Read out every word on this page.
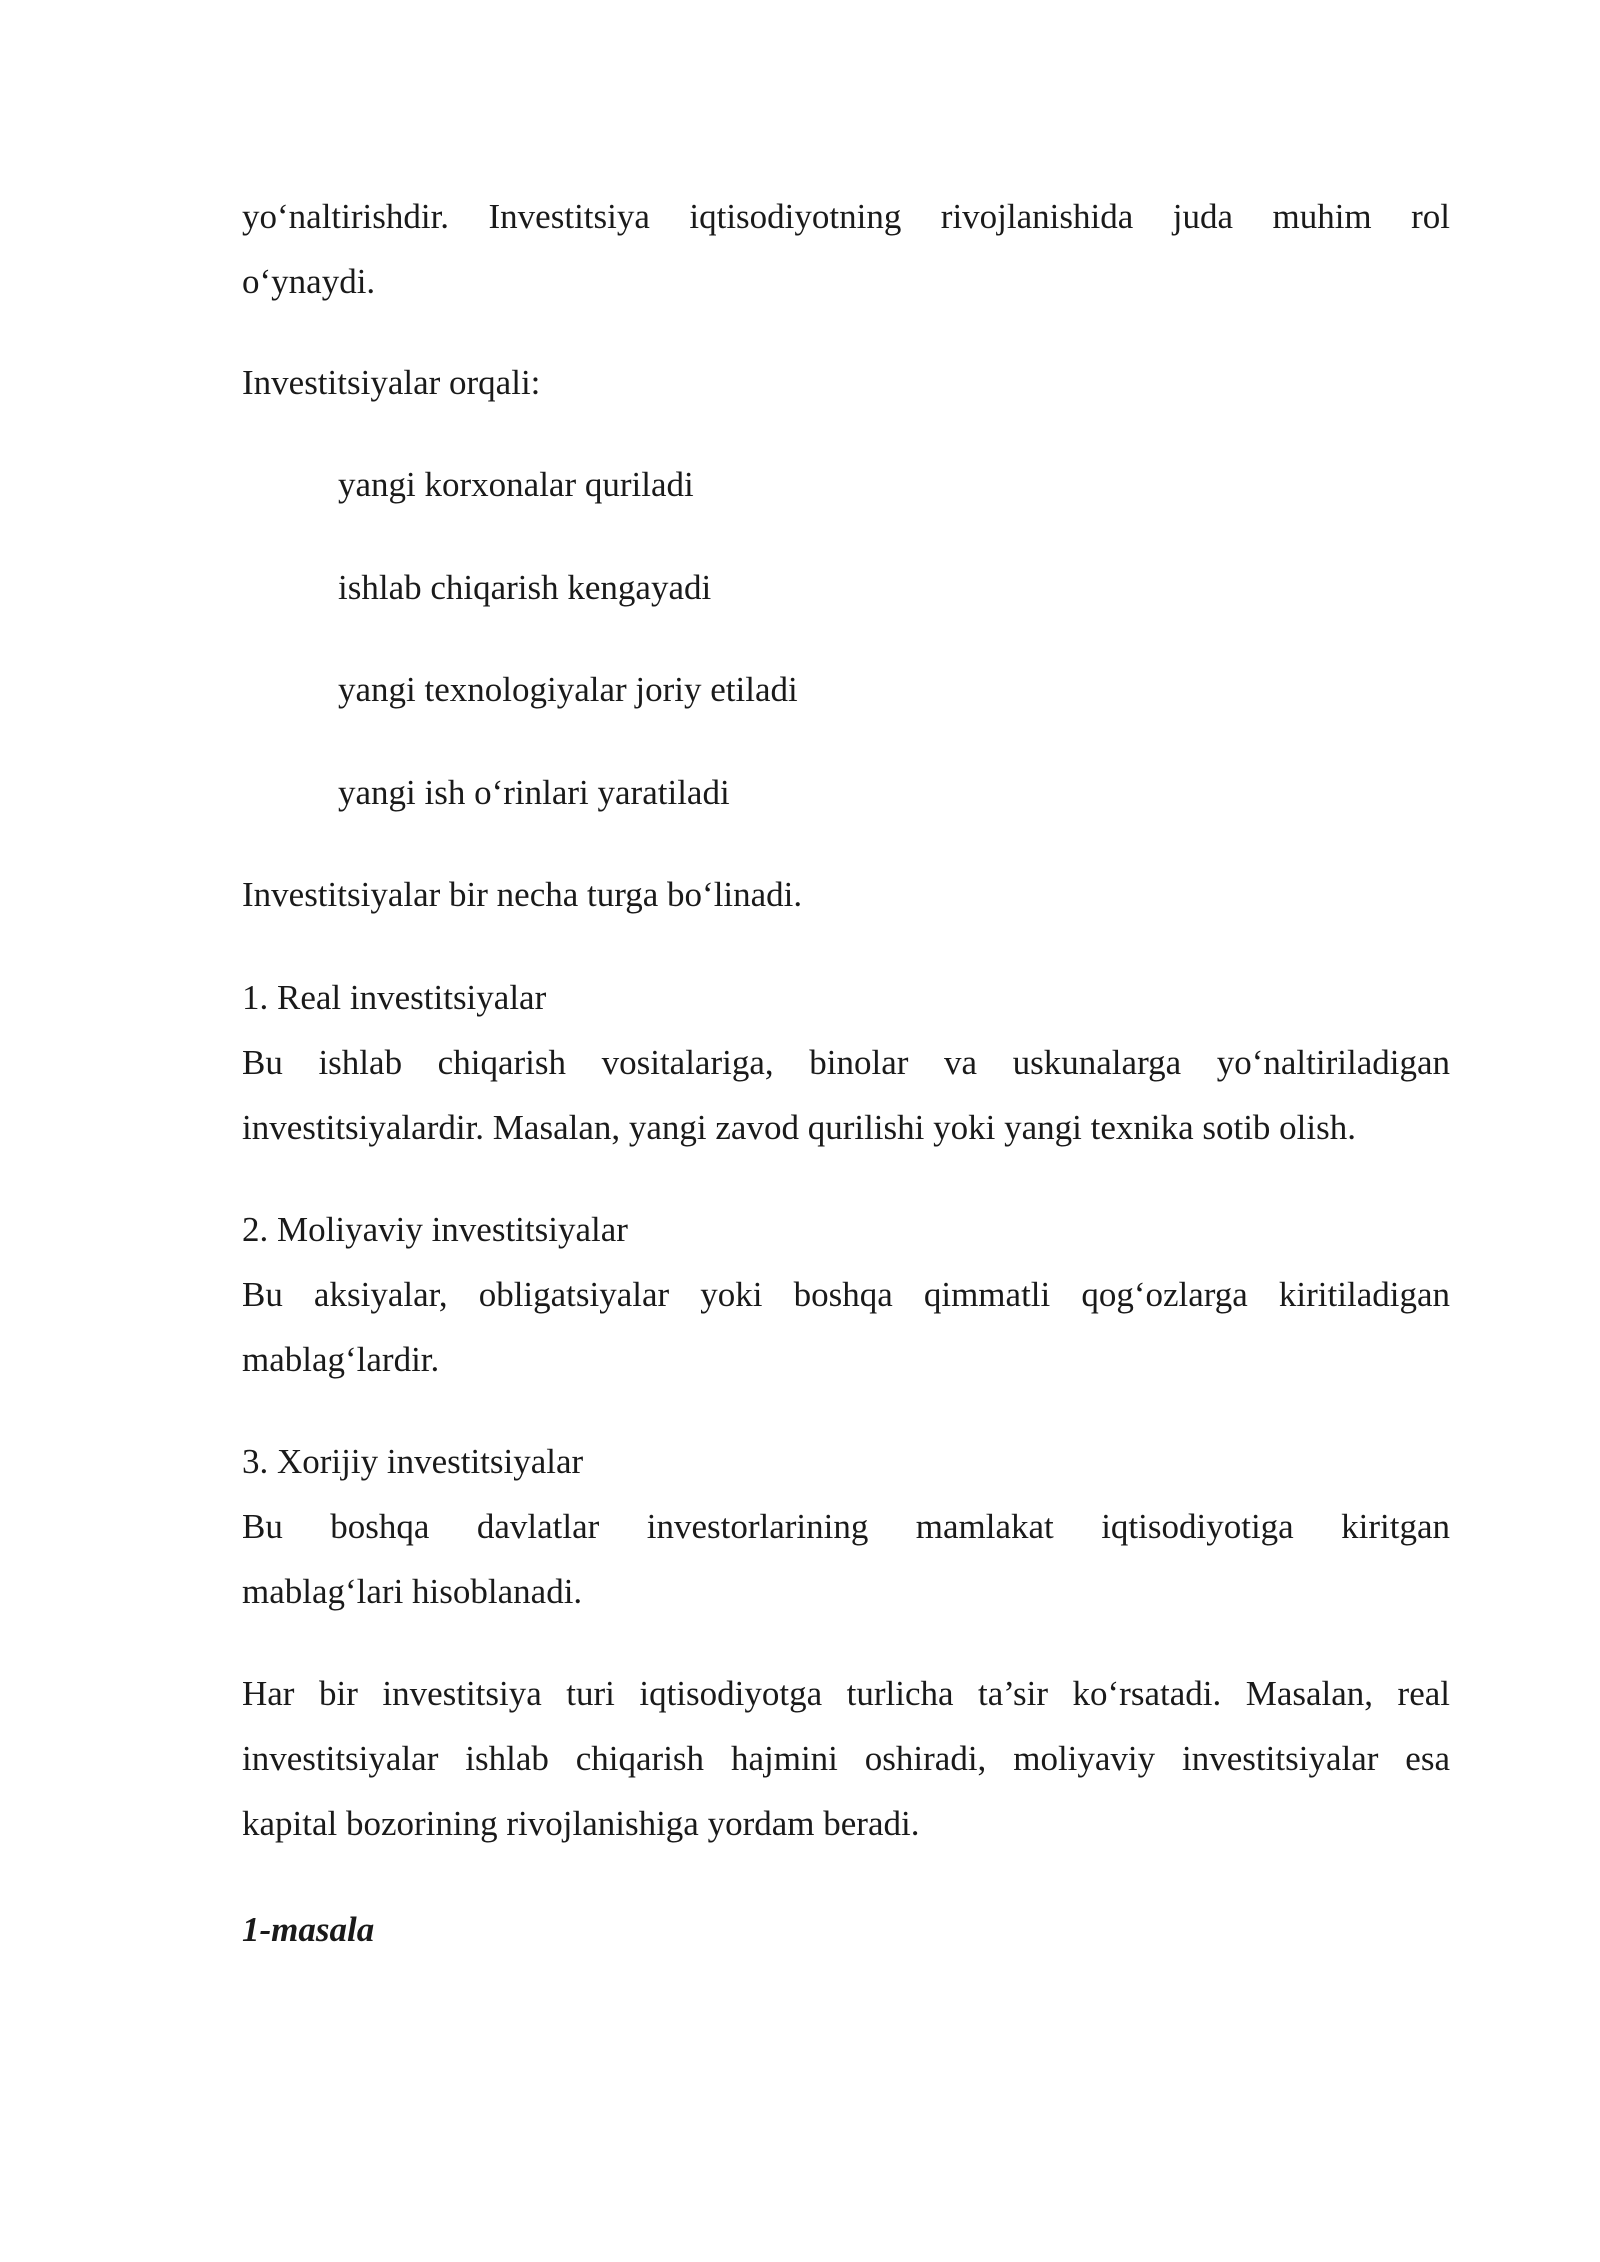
yo‘naltirishdir. Investitsiya iqtisodiyotning rivojlanishida juda muhim rol
o‘ynaydi.
Investitsiyalar orqali:
yangi korxonalar quriladi
ishlab chiqarish kengayadi
yangi texnologiyalar joriy etiladi
yangi ish o‘rinlari yaratiladi
Investitsiyalar bir necha turga bo‘linadi.
1. Real investitsiyalar
Bu ishlab chiqarish vositalariga, binolar va uskunalarga yo‘naltiriladigan
investitsiyalardir. Masalan, yangi zavod qurilishi yoki yangi texnika sotib olish.
2. Moliyaviy investitsiyalar
Bu aksiyalar, obligatsiyalar yoki boshqa qimmatli qog‘ozlarga kiritiladigan
mablag‘lardir.
3. Xorijiy investitsiyalar
Bu boshqa davlatlar investorlarining mamlakat iqtisodiyotiga kiritgan
mablag‘lari hisoblanadi.
Har bir investitsiya turi iqtisodiyotga turlicha ta’sir ko‘rsatadi. Masalan, real
investitsiyalar ishlab chiqarish hajmini oshiradi, moliyaviy investitsiyalar esa
kapital bozorining rivojlanishiga yordam beradi.
1-masala
